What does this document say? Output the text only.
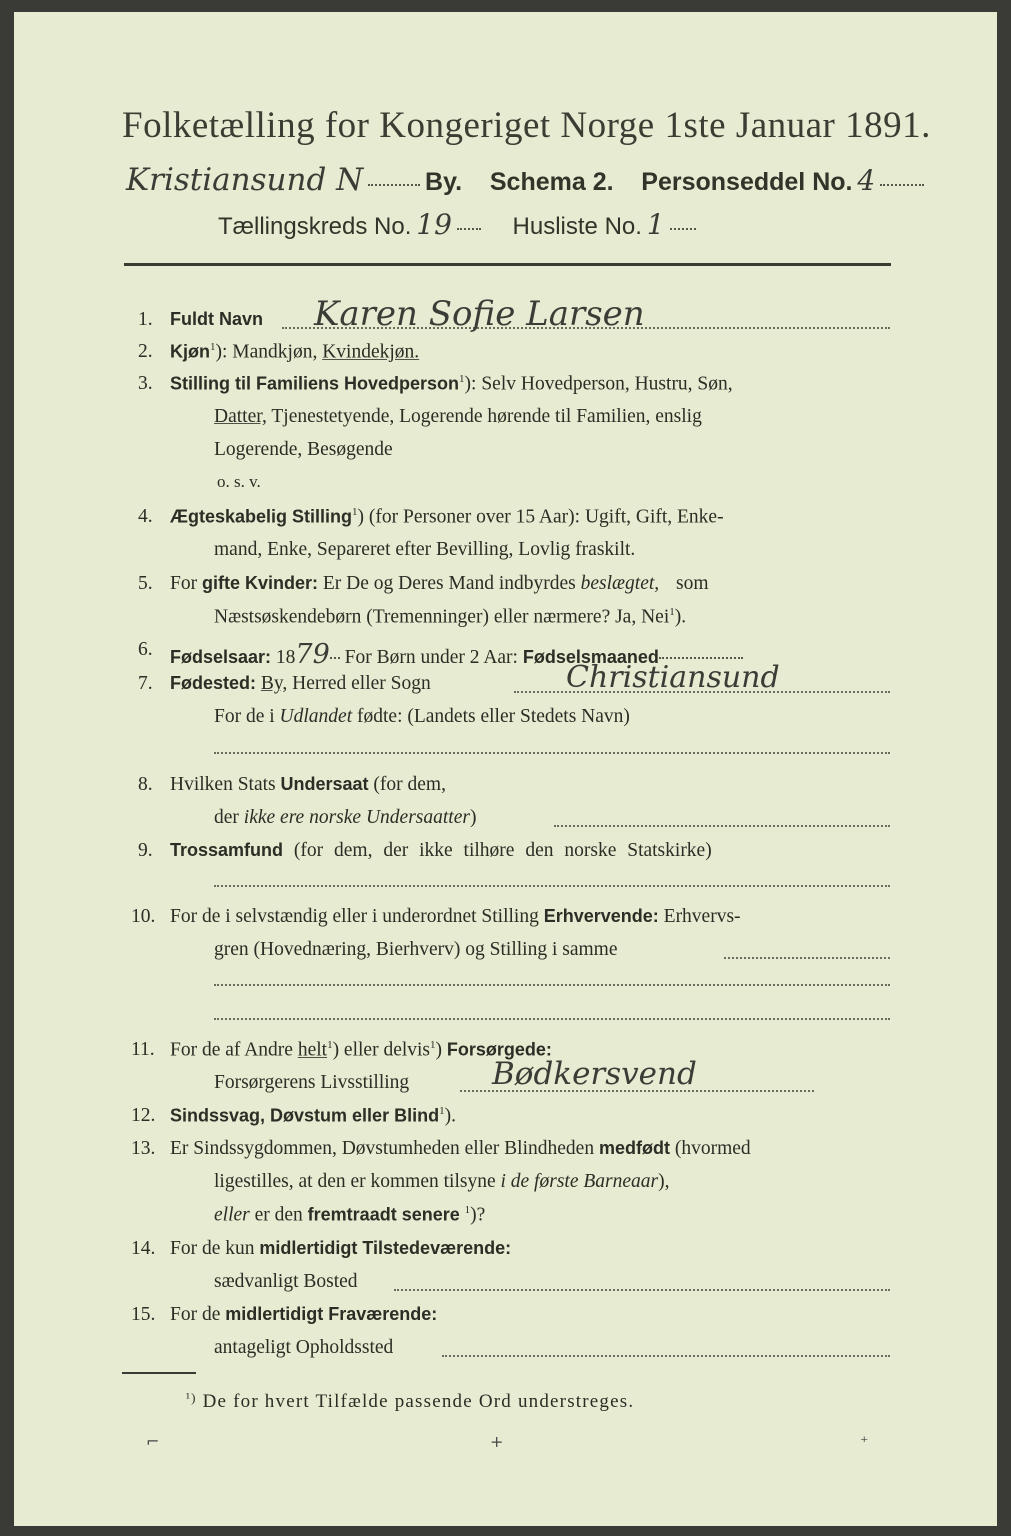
Folketælling for Kongeriget Norge 1ste Januar 1891.
Kristiansund N By. Schema 2. Personseddel No. 4
Tællingskreds No. 19	Husliste No. 1
1. Fuldt Navn Karen Sofie Larsen
2. Kjøn$^1$): Mandkjøn, Kvindekjøn.
3. Stilling til Familiens Hovedperson$^1$): Selv Hovedperson, Hustru, Søn,
Datter, Tjenestetyende, Logerende hørende til Familien, enslig
Logerende, Besøgende
o. s. v.
4. Ægteskabelig Stilling$^1$) (for Personer over 15 Aar): Ugift, Gift, Enke-
mand, Enke, Separeret efter Bevilling, Lovlig fraskilt.
5. For gifte Kvinder: Er De og Deres Mand indbyrdes beslægtet, som
Næstsøskendebørn (Tremenninger) eller nærmere? Ja, Nei$^1$).
6. Fødselsaar: 1879 For Børn under 2 Aar: Fødselsmaaned
7. Fødested: By, Herred eller Sogn	Christiansund
For de i Udlandet fødte: (Landets eller Stedets Navn)
8. Hvilken Stats Undersaat (for dem,
der ikke ere norske Undersaatter)
9. Trossamfund (for dem, der ikke tilhøre den norske Statskirke)
10. For de i selvstændig eller i underordnet Stilling Erhvervende: Erhvervs-
gren (Hovednæring, Bierhverv) og Stilling i samme
11. For de af Andre helt$^1$) eller delvis$^1$) Forsørgede:
Forsørgerens Livsstilling	Bødkersvend
12. Sindssvag, Døvstum eller Blind$^1$).
13. Er Sindssygdommen, Døvstumheden eller Blindheden medfødt (hvormed
ligestilles, at den er kommen tilsyne i de første Barneaar),
eller er den fremtraadt senere $^1$)?
14. For de kun midlertidigt Tilstedeværende:
sædvanligt Bosted
15. For de midlertidigt Fraværende:
antageligt Opholdssted
$^{^1)}$ De for hvert Tilfælde passende Ord understreges.
⌐	+	⁺
